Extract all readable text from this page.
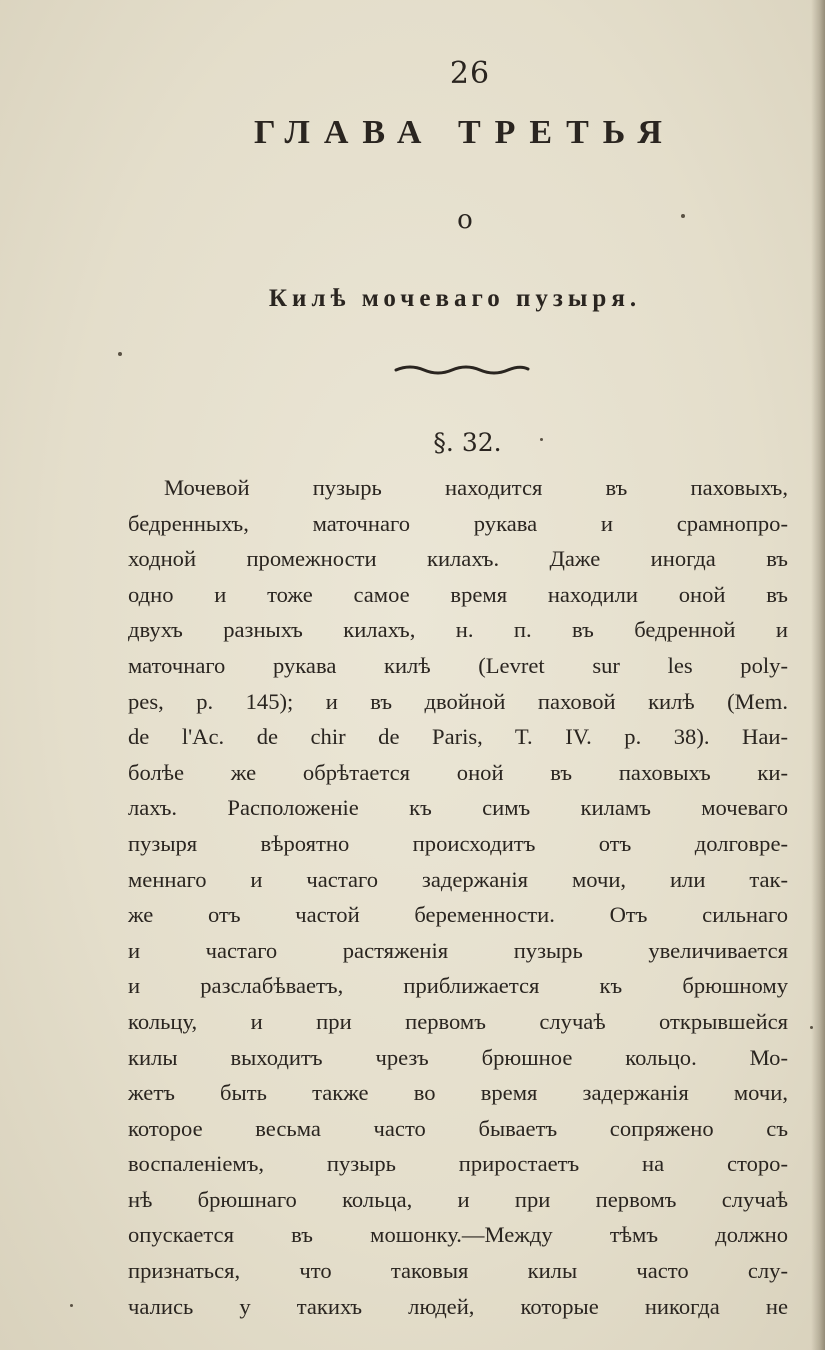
26
ГЛАВА ТРЕТЬЯ
о
Килѣ мочеваго пузыря.
§. 32.
Мочевой пузырь находится въ паховыхъ,
бедренныхъ, маточнаго рукава и срамнопро-
ходной промежности килахъ. Даже иногда въ
одно и тоже самое время находили оной въ
двухъ разныхъ килахъ, н. п. въ бедренной и
маточнаго рукава килѣ (Levret sur les poly-
pes, p. 145); и въ двойной паховой килѣ (Mem.
de l'Ac. de chir de Paris, T. IV. p. 38). Наи-
болѣе же обрѣтается оной въ паховыхъ ки-
лахъ. Расположенiе къ симъ киламъ мочеваго
пузыря вѣроятно происходитъ отъ долговре-
меннаго и частаго задержанiя мочи, или так-
же отъ частой беременности. Отъ сильнаго
и частаго растяженiя пузырь увеличивается
и разслабѣваетъ, приближается къ брюшному
кольцу, и при первомъ случаѣ открывшейся
килы выходитъ чрезъ брюшное кольцо. Мо-
жетъ быть также во время задержанiя мочи,
которое весьма часто бываетъ сопряжено съ
воспаленiемъ, пузырь приростаетъ на сторо-
нѣ брюшнаго кольца, и при первомъ случаѣ
опускается въ мошонку.—Между тѣмъ должно
признаться, что таковыя килы часто слу-
чались у такихъ людей, которые никогда не
